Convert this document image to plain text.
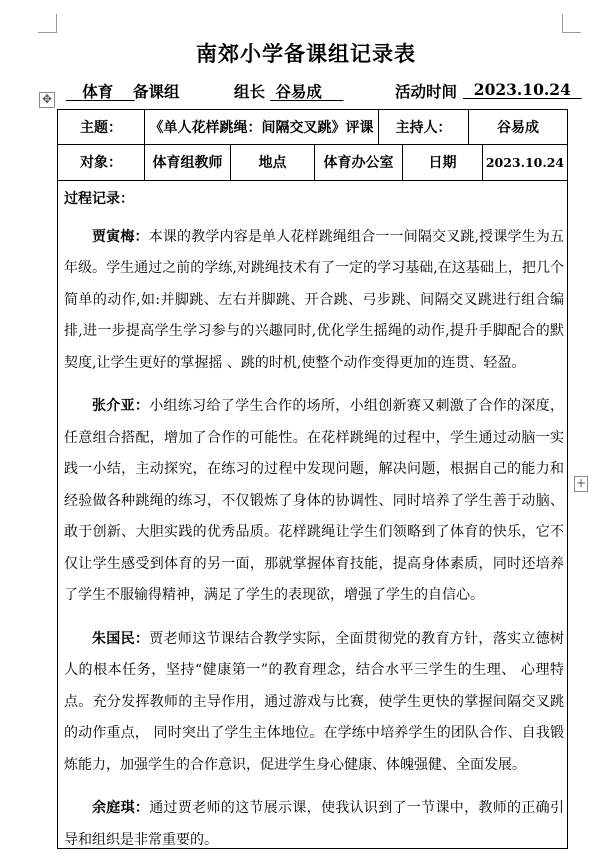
南郊小学备课组记录表
体育	备课组	组长 谷易成	活动时间	2023.10.24
✥
主题：	《单人花样跳绳：间隔交叉跳》评课	主持人：	谷易成
对象：	体育组教师	地点	体育办公室	日期	2023.10.24
过程记录：

贾寅梅：本课的教学内容是单人花样跳绳组合一一间隔交叉跳,授课学生为五年级。学生通过之前的学练,对跳绳技术有了一定的学习基础,在这基础上，把几个简单的动作,如:并脚跳、左右并脚跳、开合跳、弓步跳、间隔交叉跳进行组合编排,进一步提高学生学习参与的兴趣同时,优化学生摇绳的动作,提升手脚配合的默契度,让学生更好的掌握摇 、跳的时机,使整个动作变得更加的连贯、轻盈。

张介亚：小组练习给了学生合作的场所，小组创新赛又刺激了合作的深度，任意组合搭配，增加了合作的可能性。在花样跳绳的过程中，学生通过动脑一实践一小结，主动探究，在练习的过程中发现问题，解决问题，根据自己的能力和经验做各种跳绳的练习，不仅锻炼了身体的协调性、同时培养了学生善于动脑、敢于创新、大胆实践的优秀品质。花样跳绳让学生们领略到了体育的快乐，它不仅让学生感受到体育的另一面，那就掌握体育技能，提高身体素质，同时还培养了学生不服输得精神，满足了学生的表现欲，增强了学生的自信心。

朱国民：贾老师这节课结合教学实际，全面贯彻党的教育方针，落实立德树人的根本任务，坚持“健康第一”的教育理念，结合水平三学生的生理、 心理特点。充分发挥教师的主导作用，通过游戏与比赛，使学生更快的掌握间隔交叉跳的动作重点， 同时突出了学生主体地位。在学练中培养学生的团队合作、自我锻炼能力，加强学生的合作意识，促进学生身心健康、体魄强健、全面发展。

余庭琪：通过贾老师的这节展示课，使我认识到了一节课中，教师的正确引导和组织是非常重要的。

+
